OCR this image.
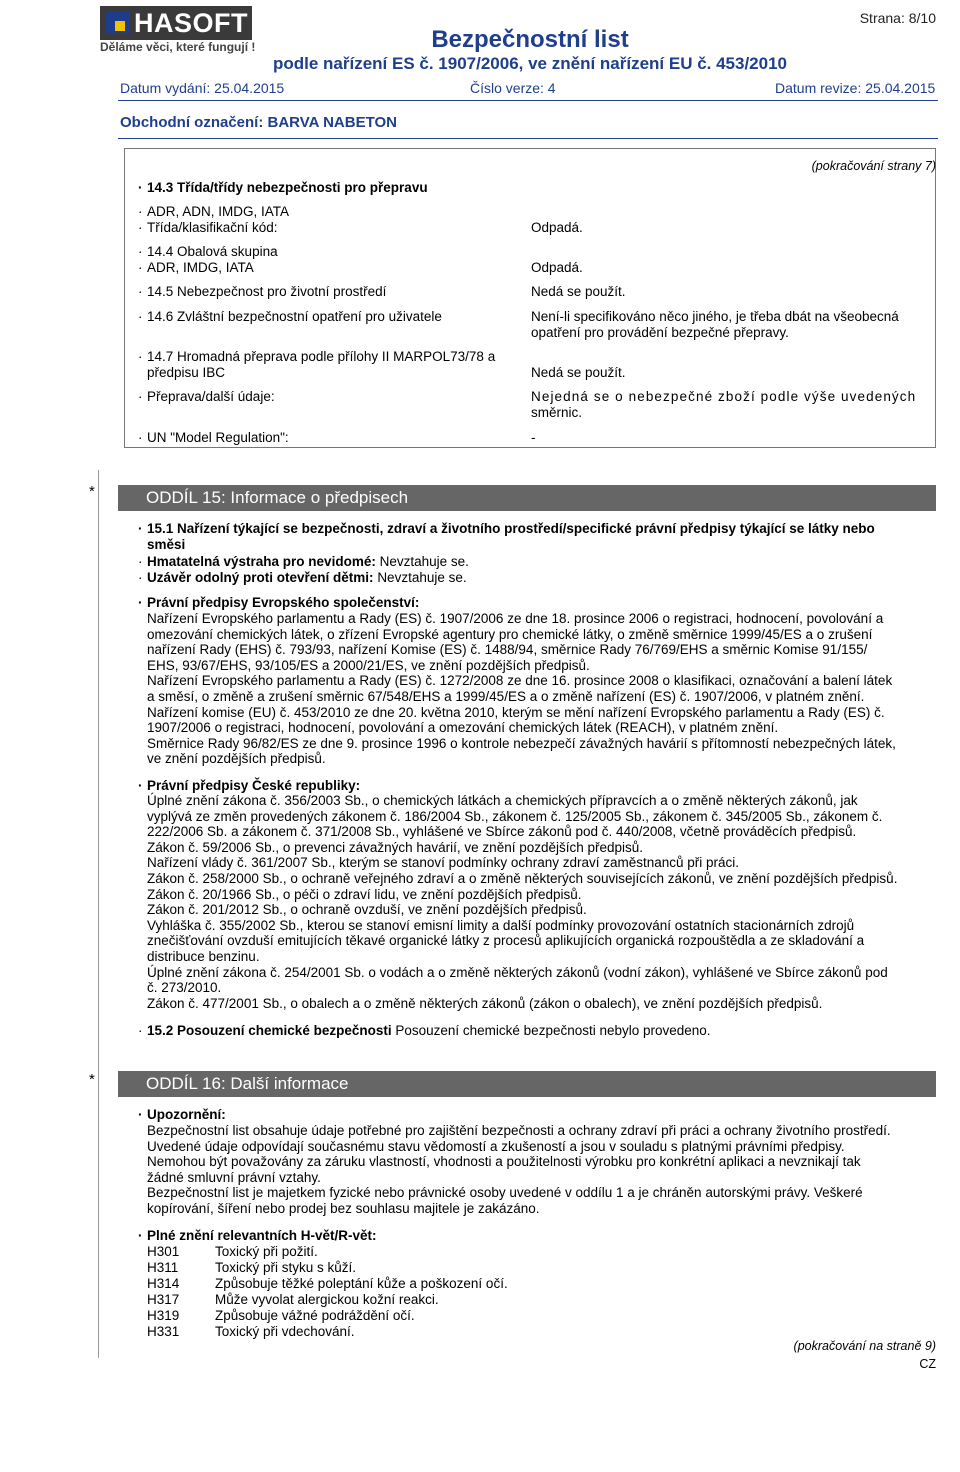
HASOFT
Děláme věci, které fungují !
Strana: 8/10
Bezpečnostní list
podle nařízení ES č. 1907/2006, ve znění nařízení EU č. 453/2010
Datum vydání: 25.04.2015	Číslo verze: 4	Datum revize: 25.04.2015
Obchodní označení: BARVA NABETON
(pokračování strany 7)
· 14.3 Třída/třídy nebezpečnosti pro přepravu
· ADR, ADN, IMDG, IATA
· Třída/klasifikační kód:	Odpadá.
· 14.4 Obalová skupina
· ADR, IMDG, IATA	Odpadá.
· 14.5 Nebezpečnost pro životní prostředí	Nedá se použít.
· 14.6 Zvláštní bezpečnostní opatření pro uživatele	Není-li specifikováno něco jiného, je třeba dbát na všeobecná
opatření pro provádění bezpečné přepravy.
· 14.7 Hromadná přeprava podle přílohy II MARPOL73/78 a
předpisu IBC	Nedá se použít.
· Přeprava/další údaje:	Nejedná se o nebezpečné zboží podle výše uvedených
směrnic.
· UN "Model Regulation":	-
*	ODDÍL 15: Informace o předpisech
· 15.1 Nařízení týkající se bezpečnosti, zdraví a životního prostředí/specifické právní předpisy týkající se látky nebo
směsi
· Hmatatelná výstraha pro nevidomé: Nevztahuje se.
· Uzávěr odolný proti otevření dětmi: Nevztahuje se.
· Právní předpisy Evropského společenství:
Nařízení Evropského parlamentu a Rady (ES) č. 1907/2006 ze dne 18. prosince 2006 o registraci, hodnocení, povolování a
omezování chemických látek, o zřízení Evropské agentury pro chemické látky, o změně směrnice 1999/45/ES a o zrušení
nařízení Rady (EHS) č. 793/93, nařízení Komise (ES) č. 1488/94, směrnice Rady 76/769/EHS a směrnic Komise 91/155/
EHS, 93/67/EHS, 93/105/ES a 2000/21/ES, ve znění pozdějších předpisů.
Nařízení Evropského parlamentu a Rady (ES) č. 1272/2008 ze dne 16. prosince 2008 o klasifikaci, označování a balení látek
a směsí, o změně a zrušení směrnic 67/548/EHS a 1999/45/ES a o změně nařízení (ES) č. 1907/2006, v platném znění.
Nařízení komise (EU) č. 453/2010 ze dne 20. května 2010, kterým se mění nařízení Evropského parlamentu a Rady (ES) č.
1907/2006 o registraci, hodnocení, povolování a omezování chemických látek (REACH), v platném znění.
Směrnice Rady 96/82/ES ze dne 9. prosince 1996 o kontrole nebezpečí závažných havárií s přítomností nebezpečných látek,
ve znění pozdějších předpisů.
· Právní předpisy České republiky:
Úplné znění zákona č. 356/2003 Sb., o chemických látkách a chemických přípravcích a o změně některých zákonů, jak
vyplývá ze změn provedených zákonem č. 186/2004 Sb., zákonem č. 125/2005 Sb., zákonem č. 345/2005 Sb., zákonem č.
222/2006 Sb. a zákonem č. 371/2008 Sb., vyhlášené ve Sbírce zákonů pod č. 440/2008, včetně prováděcích předpisů.
Zákon č. 59/2006 Sb., o prevenci závažných havárií, ve znění pozdějších předpisů.
Nařízení vlády č. 361/2007 Sb., kterým se stanoví podmínky ochrany zdraví zaměstnanců při práci.
Zákon č. 258/2000 Sb., o ochraně veřejného zdraví a o změně některých souvisejících zákonů, ve znění pozdějších předpisů.
Zákon č. 20/1966 Sb., o péči o zdraví lidu, ve znění pozdějších předpisů.
Zákon č. 201/2012 Sb., o ochraně ovzduší, ve znění pozdějších předpisů.
Vyhláška č. 355/2002 Sb., kterou se stanoví emisní limity a další podmínky provozování ostatních stacionárních zdrojů
znečišťování ovzduší emitujících těkavé organické látky z procesů aplikujících organická rozpouštědla a ze skladování a
distribuce benzinu.
Úplné znění zákona č. 254/2001 Sb. o vodách a o změně některých zákonů (vodní zákon), vyhlášené ve Sbírce zákonů pod
č. 273/2010.
Zákon č. 477/2001 Sb., o obalech a o změně některých zákonů (zákon o obalech), ve znění pozdějších předpisů.
· 15.2 Posouzení chemické bezpečnosti Posouzení chemické bezpečnosti nebylo provedeno.
*	ODDÍL 16: Další informace
· Upozornění:
Bezpečnostní list obsahuje údaje potřebné pro zajištění bezpečnosti a ochrany zdraví při práci a ochrany životního prostředí.
Uvedené údaje odpovídají současnému stavu vědomostí a zkušeností a jsou v souladu s platnými právními předpisy.
Nemohou být považovány za záruku vlastností, vhodnosti a použitelnosti výrobku pro konkrétní aplikaci a nevznikají tak
žádné smluvní právní vztahy.
Bezpečnostní list je majetkem fyzické nebo právnické osoby uvedené v oddílu 1 a je chráněn autorskými právy. Veškeré
kopírování, šíření nebo prodej bez souhlasu majitele je zakázáno.
· Plné znění relevantních H-vět/R-vět:
H301	Toxický při požití.
H311	Toxický při styku s kůží.
H314	Způsobuje těžké poleptání kůže a poškození očí.
H317	Může vyvolat alergickou kožní reakci.
H319	Způsobuje vážné podráždění očí.
H331	Toxický při vdechování.
(pokračování na straně 9)
CZ
